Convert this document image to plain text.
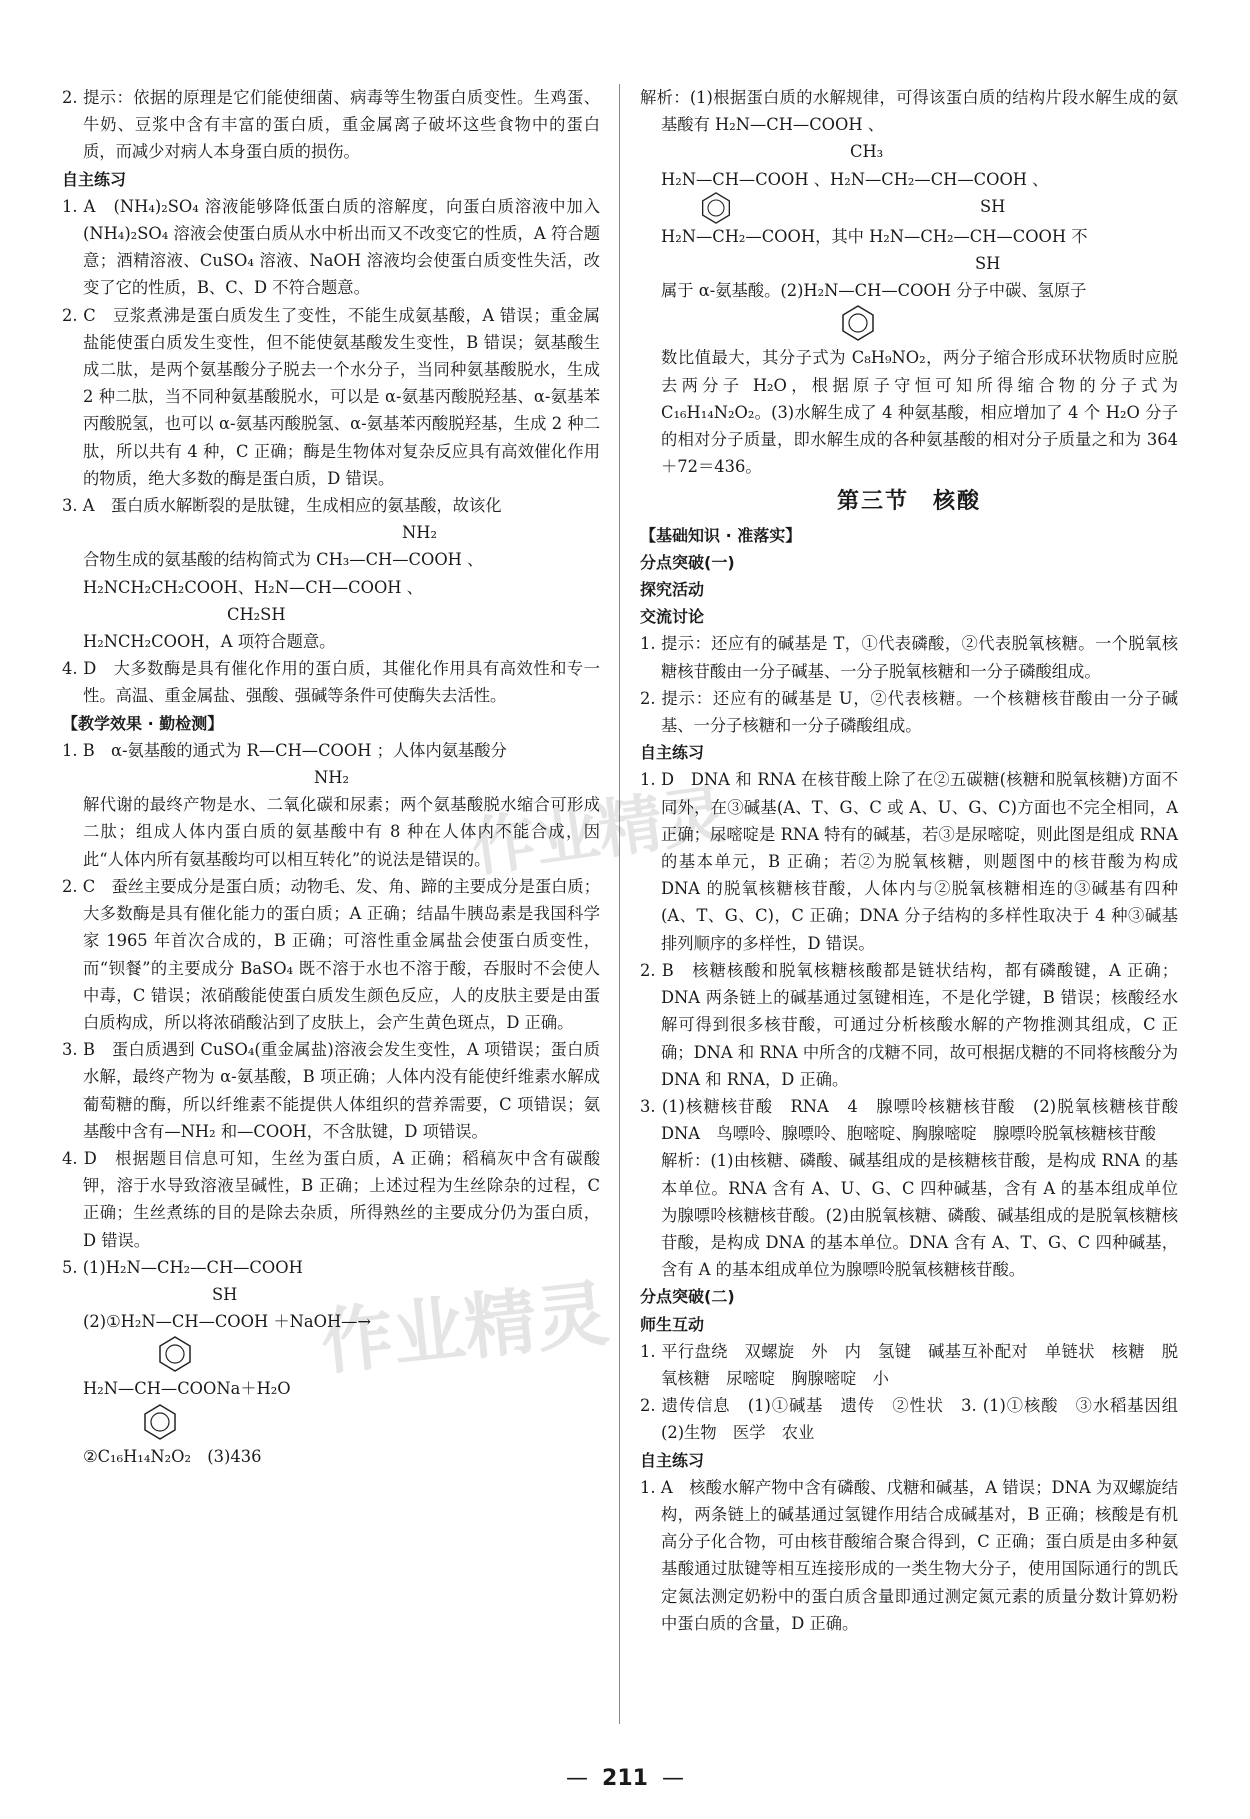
2. 提示：依据的原理是它们能使细菌、病毒等生物蛋白质变性。生鸡蛋、牛奶、豆浆中含有丰富的蛋白质，重金属离子破坏这些食物中的蛋白质，而减少对病人本身蛋白质的损伤。

自主练习

1. A　(NH₄)₂SO₄ 溶液能够降低蛋白质的溶解度，向蛋白质溶液中加入(NH₄)₂SO₄ 溶液会使蛋白质从水中析出而又不改变它的性质，A 符合题意；酒精溶液、CuSO₄ 溶液、NaOH 溶液均会使蛋白质变性失活，改变了它的性质，B、C、D 不符合题意。

2. C　豆浆煮沸是蛋白质发生了变性，不能生成氨基酸，A 错误；重金属盐能使蛋白质发生变性，但不能使氨基酸发生变性，B 错误；氨基酸生成二肽，是两个氨基酸分子脱去一个水分子，当同种氨基酸脱水，生成 2 种二肽，当不同种氨基酸脱水，可以是 α-氨基丙酸脱羟基、α-氨基苯丙酸脱氢，也可以 α-氨基丙酸脱氢、α-氨基苯丙酸脱羟基，生成 2 种二肽，所以共有 4 种，C 正确；酶是生物体对复杂反应具有高效催化作用的物质，绝大多数的酶是蛋白质，D 错误。

3. A　蛋白质水解断裂的是肽键，生成相应的氨基酸，故该化

NH₂

合物生成的氨基酸的结构简式为 CH₃—CH—COOH 、

H₂NCH₂CH₂COOH、H₂N—CH—COOH 、

CH₂SH

H₂NCH₂COOH，A 项符合题意。

4. D　大多数酶是具有催化作用的蛋白质，其催化作用具有高效性和专一性。高温、重金属盐、强酸、强碱等条件可使酶失去活性。

【教学效果 · 勤检测】

1. B　α-氨基酸的通式为 R—CH—COOH ；人体内氨基酸分

NH₂

解代谢的最终产物是水、二氧化碳和尿素；两个氨基酸脱水缩合可形成二肽；组成人体内蛋白质的氨基酸中有 8 种在人体内不能合成，因此“人体内所有氨基酸均可以相互转化”的说法是错误的。

2. C　蚕丝主要成分是蛋白质；动物毛、发、角、蹄的主要成分是蛋白质；大多数酶是具有催化能力的蛋白质；A 正确；结晶牛胰岛素是我国科学家 1965 年首次合成的，B 正确；可溶性重金属盐会使蛋白质变性，而“钡餐”的主要成分 BaSO₄ 既不溶于水也不溶于酸，吞服时不会使人中毒，C 错误；浓硝酸能使蛋白质发生颜色反应，人的皮肤主要是由蛋白质构成，所以将浓硝酸沾到了皮肤上，会产生黄色斑点，D 正确。

3. B　蛋白质遇到 CuSO₄(重金属盐)溶液会发生变性，A 项错误；蛋白质水解，最终产物为 α-氨基酸，B 项正确；人体内没有能使纤维素水解成葡萄糖的酶，所以纤维素不能提供人体组织的营养需要，C 项错误；氨基酸中含有—NH₂ 和—COOH，不含肽键，D 项错误。

4. D　根据题目信息可知，生丝为蛋白质，A 正确；稻稿灰中含有碳酸钾，溶于水导致溶液呈碱性，B 正确；上述过程为生丝除杂的过程，C 正确；生丝煮练的目的是除去杂质，所得熟丝的主要成分仍为蛋白质，D 错误。

5. (1)H₂N—CH₂—CH—COOH

SH

(2)①H₂N—CH—COOH ＋NaOH—→

H₂N—CH—COONa＋H₂O

②C₁₆H₁₄N₂O₂　(3)436

解析：(1)根据蛋白质的水解规律，可得该蛋白质的结构片段水解生成的氨基酸有 H₂N—CH—COOH 、

CH₃

H₂N—CH—COOH 、H₂N—CH₂—CH—COOH 、

SH

H₂N—CH₂—COOH，其中 H₂N—CH₂—CH—COOH 不

SH

属于 α-氨基酸。(2)H₂N—CH—COOH 分子中碳、氢原子

数比值最大，其分子式为 C₈H₉NO₂，两分子缩合形成环状物质时应脱去两分子 H₂O，根据原子守恒可知所得缩合物的分子式为 C₁₆H₁₄N₂O₂。(3)水解生成了 4 种氨基酸，相应增加了 4 个 H₂O 分子的相对分子质量，即水解生成的各种氨基酸的相对分子质量之和为 364＋72＝436。

第三节　核酸

【基础知识 · 准落实】

分点突破(一)

探究活动

交流讨论

1. 提示：还应有的碱基是 T，①代表磷酸，②代表脱氧核糖。一个脱氧核糖核苷酸由一分子碱基、一分子脱氧核糖和一分子磷酸组成。

2. 提示：还应有的碱基是 U，②代表核糖。一个核糖核苷酸由一分子碱基、一分子核糖和一分子磷酸组成。

自主练习

1. D　DNA 和 RNA 在核苷酸上除了在②五碳糖(核糖和脱氧核糖)方面不同外，在③碱基(A、T、G、C 或 A、U、G、C)方面也不完全相同，A 正确；尿嘧啶是 RNA 特有的碱基，若③是尿嘧啶，则此图是组成 RNA 的基本单元，B 正确；若②为脱氧核糖，则题图中的核苷酸为构成 DNA 的脱氧核糖核苷酸，人体内与②脱氧核糖相连的③碱基有四种(A、T、G、C)，C 正确；DNA 分子结构的多样性取决于 4 种③碱基排列顺序的多样性，D 错误。

2. B　核糖核酸和脱氧核糖核酸都是链状结构，都有磷酸键，A 正确；DNA 两条链上的碱基通过氢键相连，不是化学键，B 错误；核酸经水解可得到很多核苷酸，可通过分析核酸水解的产物推测其组成，C 正确；DNA 和 RNA 中所含的戊糖不同，故可根据戊糖的不同将核酸分为 DNA 和 RNA，D 正确。

3. (1)核糖核苷酸　RNA　4　腺嘌呤核糖核苷酸　(2)脱氧核糖核苷酸　DNA　鸟嘌呤、腺嘌呤、胞嘧啶、胸腺嘧啶　腺嘌呤脱氧核糖核苷酸

解析：(1)由核糖、磷酸、碱基组成的是核糖核苷酸，是构成 RNA 的基本单位。RNA 含有 A、U、G、C 四种碱基，含有 A 的基本组成单位为腺嘌呤核糖核苷酸。(2)由脱氧核糖、磷酸、碱基组成的是脱氧核糖核苷酸，是构成 DNA 的基本单位。DNA 含有 A、T、G、C 四种碱基，含有 A 的基本组成单位为腺嘌呤脱氧核糖核苷酸。

分点突破(二)

师生互动

1. 平行盘绕　双螺旋　外　内　氢键　碱基互补配对　单链状　核糖　脱氧核糖　尿嘧啶　胸腺嘧啶　小

2. 遗传信息　(1)①碱基　遗传　②性状　3. (1)①核酸　③水稻基因组　(2)生物　医学　农业

自主练习

1. A　核酸水解产物中含有磷酸、戊糖和碱基，A 错误；DNA 为双螺旋结构，两条链上的碱基通过氢键作用结合成碱基对，B 正确；核酸是有机高分子化合物，可由核苷酸缩合聚合得到，C 正确；蛋白质是由多种氨基酸通过肽键等相互连接形成的一类生物大分子，使用国际通行的凯氏定氮法测定奶粉中的蛋白质含量即通过测定氮元素的质量分数计算奶粉中蛋白质的含量，D 正确。

作业精灵
作业精灵
— 211 —
